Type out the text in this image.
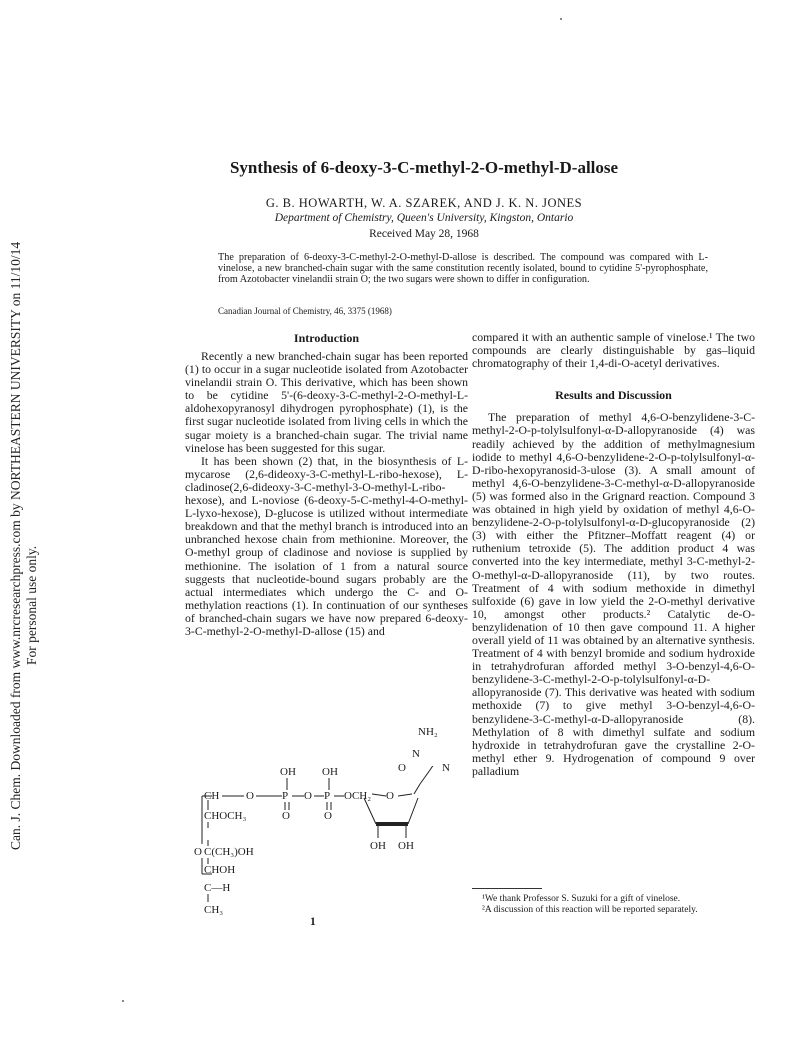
Can. J. Chem. Downloaded from www.nrcresearchpress.com by NORTHEASTERN UNIVERSITY on 11/10/14 For personal use only.
Synthesis of 6-deoxy-3-C-methyl-2-O-methyl-D-allose
G. B. HOWARTH, W. A. SZAREK, AND J. K. N. JONES
Department of Chemistry, Queen's University, Kingston, Ontario
Received May 28, 1968
The preparation of 6-deoxy-3-C-methyl-2-O-methyl-D-allose is described. The compound was compared with L-vinelose, a new branched-chain sugar with the same constitution recently isolated, bound to cytidine 5'-pyrophosphate, from Azotobacter vinelandii strain O; the two sugars were shown to differ in configuration.
Canadian Journal of Chemistry, 46, 3375 (1968)
Introduction

Recently a new branched-chain sugar has been reported (1) to occur in a sugar nucleotide isolated from Azotobacter vinelandii strain O. This derivative, which has been shown to be cytidine 5'-(6-deoxy-3-C-methyl-2-O-methyl-L-aldohexopyranosyl dihydrogen pyrophosphate) (1), is the first sugar nucleotide isolated from living cells in which the sugar moiety is a branched-chain sugar. The trivial name vinelose has been suggested for this sugar.

It has been shown (2) that, in the biosynthesis of L-mycarose (2,6-dideoxy-3-C-methyl-L-ribo-hexose), L-cladinose(2,6-dideoxy-3-C-methyl-3-O-methyl-L-ribo-hexose), and L-noviose (6-deoxy-5-C-methyl-4-O-methyl-L-lyxo-hexose), D-glucose is utilized without intermediate breakdown and that the methyl branch is introduced into an unbranched hexose chain from methionine. Moreover, the O-methyl group of cladinose and noviose is supplied by methionine. The isolation of 1 from a natural source suggests that nucleotide-bound sugars probably are the actual intermediates which undergo the C- and O-methylation reactions (1). In continuation of our syntheses of branched-chain sugars we have now prepared 6-deoxy-3-C-methyl-2-O-methyl-D-allose (15) and

compared it with an authentic sample of vinelose.¹ The two compounds are clearly distinguishable by gas–liquid chromatography of their 1,4-di-O-acetyl derivatives.

Results and Discussion

The preparation of methyl 4,6-O-benzylidene-3-C-methyl-2-O-p-tolylsulfonyl-α-D-allopyranoside (4) was readily achieved by the addition of methylmagnesium iodide to methyl 4,6-O-benzylidene-2-O-p-tolylsulfonyl-α-D-ribo-hexopyranosid-3-ulose (3). A small amount of methyl 4,6-O-benzylidene-3-C-methyl-α-D-allopyranoside (5) was formed also in the Grignard reaction. Compound 3 was obtained in high yield by oxidation of methyl 4,6-O-benzylidene-2-O-p-tolylsulfonyl-α-D-glucopyranoside (2) (3) with either the Pfitzner–Moffatt reagent (4) or ruthenium tetroxide (5). The addition product 4 was converted into the key intermediate, methyl 3-C-methyl-2-O-methyl-α-D-allopyranoside (11), by two routes. Treatment of 4 with sodium methoxide in dimethyl sulfoxide (6) gave in low yield the 2-O-methyl derivative 10, amongst other products.² Catalytic de-O-benzylidenation of 10 then gave compound 11. A higher overall yield of 11 was obtained by an alternative synthesis. Treatment of 4 with benzyl bromide and sodium hydroxide in tetrahydrofuran afforded methyl 3-O-benzyl-4,6-O-benzylidene-3-C-methyl-2-O-p-tolylsulfonyl-α-D-allopyranoside (7). This derivative was heated with sodium methoxide (7) to give methyl 3-O-benzyl-4,6-O-benzylidene-3-C-methyl-α-D-allopyranoside (8). Methylation of 8 with dimethyl sulfate and sodium hydroxide in tetrahydrofuran gave the crystalline 2-O-methyl ether 9. Hydrogenation of compound 9 over palladium

NH₂
N
O	N
OH OH
CH O	P O P OCH₂ O
O	O
CHOCH₃
O C(CH₃)OH
CHOH
C—H
CH₃
OH OH
1

¹We thank Professor S. Suzuki for a gift of vinelose.

²A discussion of this reaction will be reported separately.
